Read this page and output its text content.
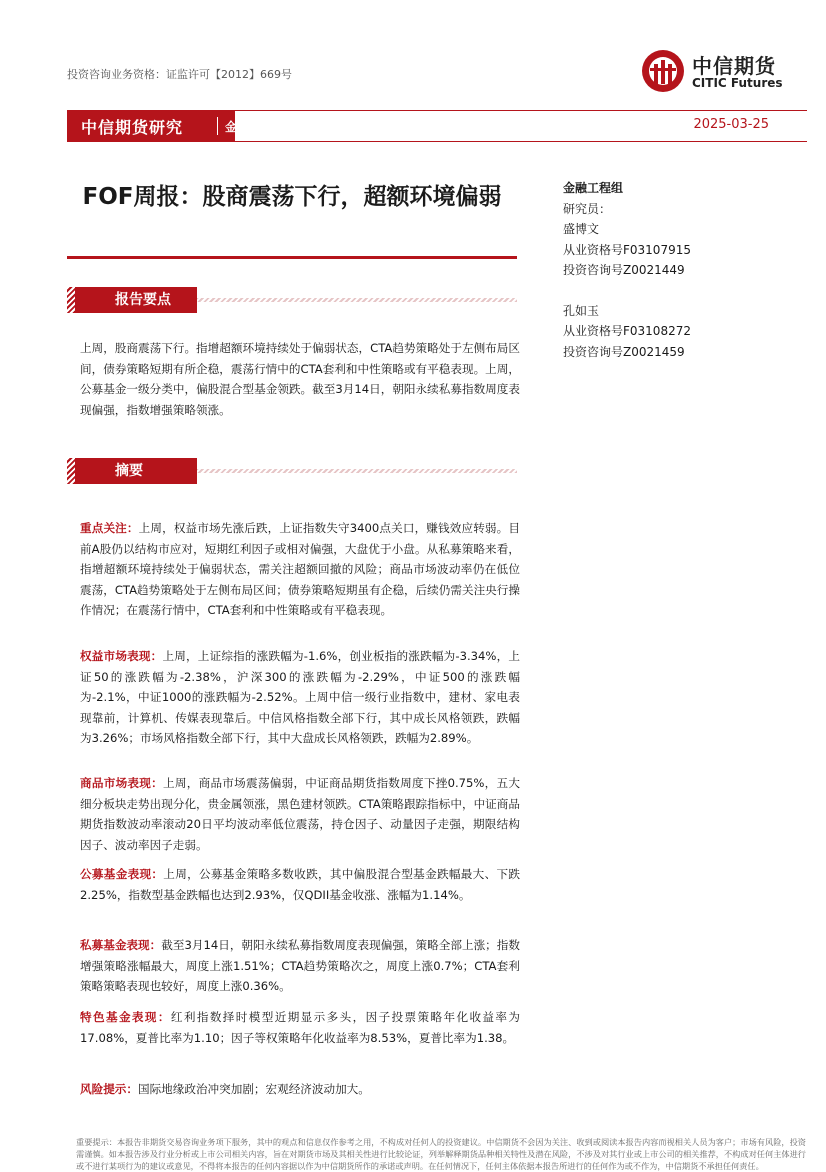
投资咨询业务资格：证监许可【2012】669号	中信期货
CITIC Futures
中信期货研究	金融工程周报	2025-03-25
FOF周报：股商震荡下行，超额环境偏弱
报告要点
上周，股商震荡下行。指增超额环境持续处于偏弱状态，CTA趋势策略处于左侧布局区间，债券策略短期有所企稳，震荡行情中的CTA套利和中性策略或有平稳表现。上周，公募基金一级分类中，偏股混合型基金领跌。截至3月14日，朝阳永续私募指数周度表现偏强，指数增强策略领涨。
摘要
重点关注：上周，权益市场先涨后跌，上证指数失守3400点关口，赚钱效应转弱。目前A股仍以结构市应对，短期红利因子或相对偏强，大盘优于小盘。从私募策略来看，指增超额环境持续处于偏弱状态，需关注超额回撤的风险；商品市场波动率仍在低位震荡，CTA趋势策略处于左侧布局区间；债券策略短期虽有企稳，后续仍需关注央行操作情况；在震荡行情中，CTA套利和中性策略或有平稳表现。
权益市场表现：上周，上证综指的涨跌幅为-1.6%，创业板指的涨跌幅为-3.34%，上证50的涨跌幅为-2.38%，沪深300的涨跌幅为-2.29%，中证500的涨跌幅为-2.1%，中证1000的涨跌幅为-2.52%。上周中信一级行业指数中，建材、家电表现靠前，计算机、传媒表现靠后。中信风格指数全部下行，其中成长风格领跌，跌幅为3.26%；市场风格指数全部下行，其中大盘成长风格领跌，跌幅为2.89%。
商品市场表现：上周，商品市场震荡偏弱，中证商品期货指数周度下挫0.75%，五大细分板块走势出现分化，贵金属领涨，黑色建材领跌。CTA策略跟踪指标中，中证商品期货指数波动率滚动20日平均波动率低位震荡，持仓因子、动量因子走强，期限结构因子、波动率因子走弱。
公募基金表现：上周，公募基金策略多数收跌，其中偏股混合型基金跌幅最大、下跌2.25%，指数型基金跌幅也达到2.93%，仅QDII基金收涨、涨幅为1.14%。
私募基金表现：截至3月14日，朝阳永续私募指数周度表现偏强，策略全部上涨；指数增强策略涨幅最大，周度上涨1.51%；CTA趋势策略次之，周度上涨0.7%；CTA套利策略策略表现也较好，周度上涨0.36%。
特色基金表现：红利指数择时模型近期显示多头，因子投票策略年化收益率为17.08%，夏普比率为1.10；因子等权策略年化收益率为8.53%，夏普比率为1.38。
风险提示：国际地缘政治冲突加剧；宏观经济波动加大。
金融工程组
研究员：
盛博文
从业资格号F03107915
投资咨询号Z0021449
孔如玉
从业资格号F03108272
投资咨询号Z0021459
重要提示：本报告非期货交易咨询业务项下服务，其中的观点和信息仅作参考之用，不构成对任何人的投资建议。中信期货不会因为关注、收到或阅读本报告内容而视相关人员为客户；市场有风险，投资需谨慎。如本报告涉及行业分析或上市公司相关内容，旨在对期货市场及其相关性进行比较论证，列举解释期货品种相关特性及潜在风险，不涉及对其行业或上市公司的相关推荐，不构成对任何主体进行或不进行某项行为的建议或意见，不得将本报告的任何内容据以作为中信期货所作的承诺或声明。在任何情况下，任何主体依据本报告所进行的任何作为或不作为，中信期货不承担任何责任。
